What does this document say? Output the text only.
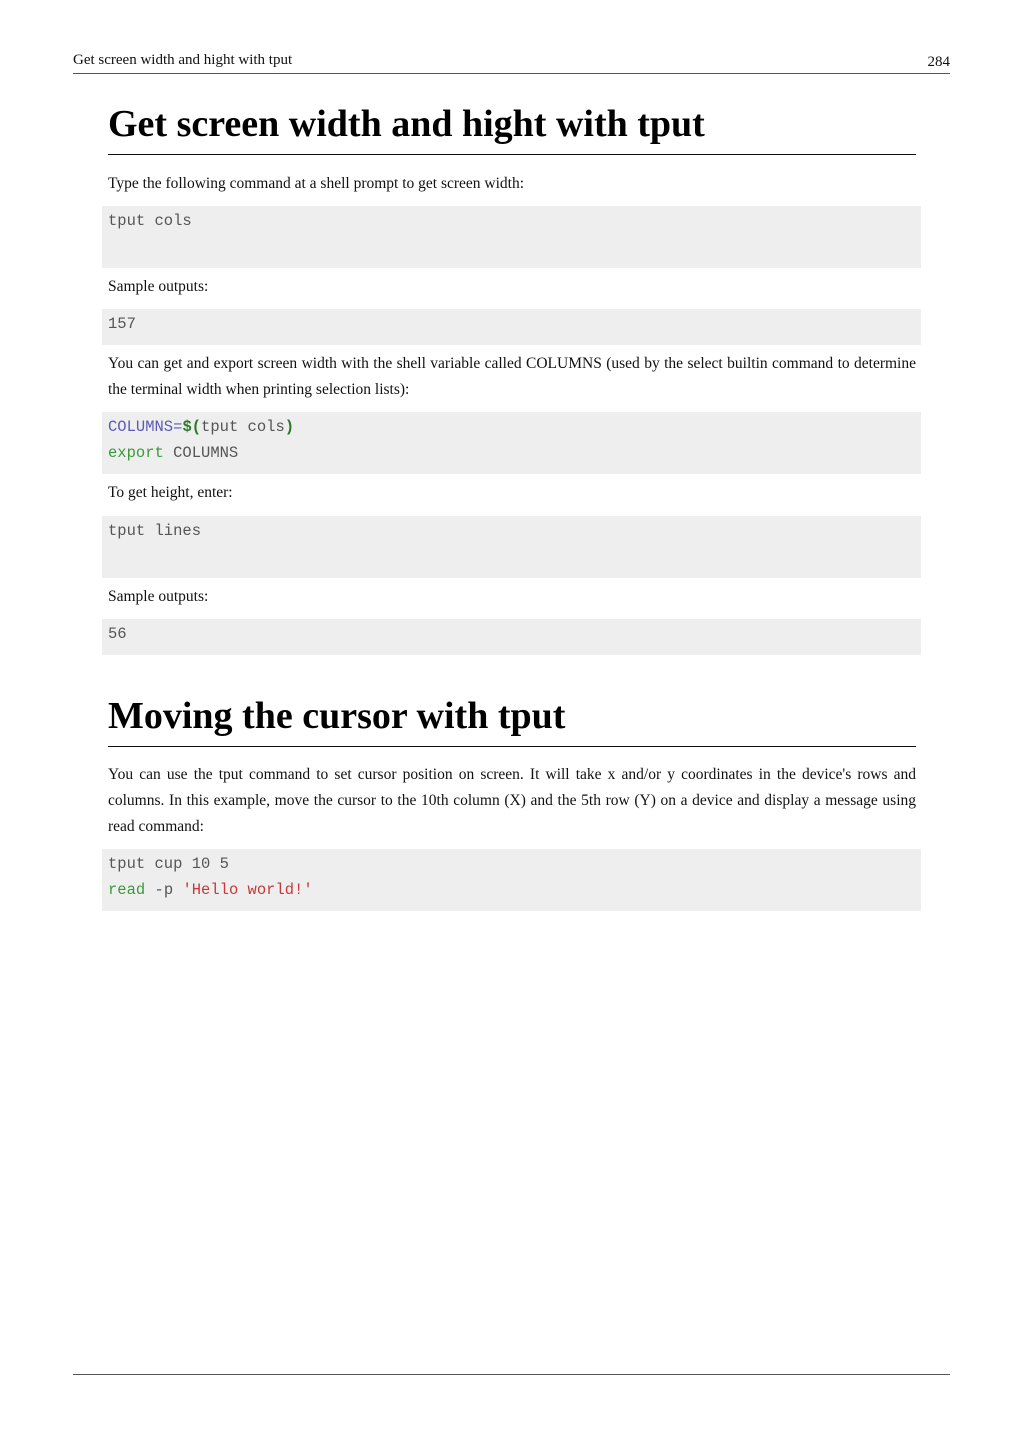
Get screen width and hight with tput	284
Get screen width and hight with tput

Type the following command at a shell prompt to get screen width:

tput cols

Sample outputs:

157

You can get and export screen width with the shell variable called COLUMNS (used by the select builtin command to determine the terminal width when printing selection lists):

COLUMNS=$(tput cols)
export COLUMNS

To get height, enter:

tput lines

Sample outputs:

56
Moving the cursor with tput

You can use the tput command to set cursor position on screen. It will take x and/or y coordinates in the device's rows and columns. In this example, move the cursor to the 10th column (X) and the 5th row (Y) on a device and display a message using read command:

tput cup 10 5
read -p 'Hello world!'
